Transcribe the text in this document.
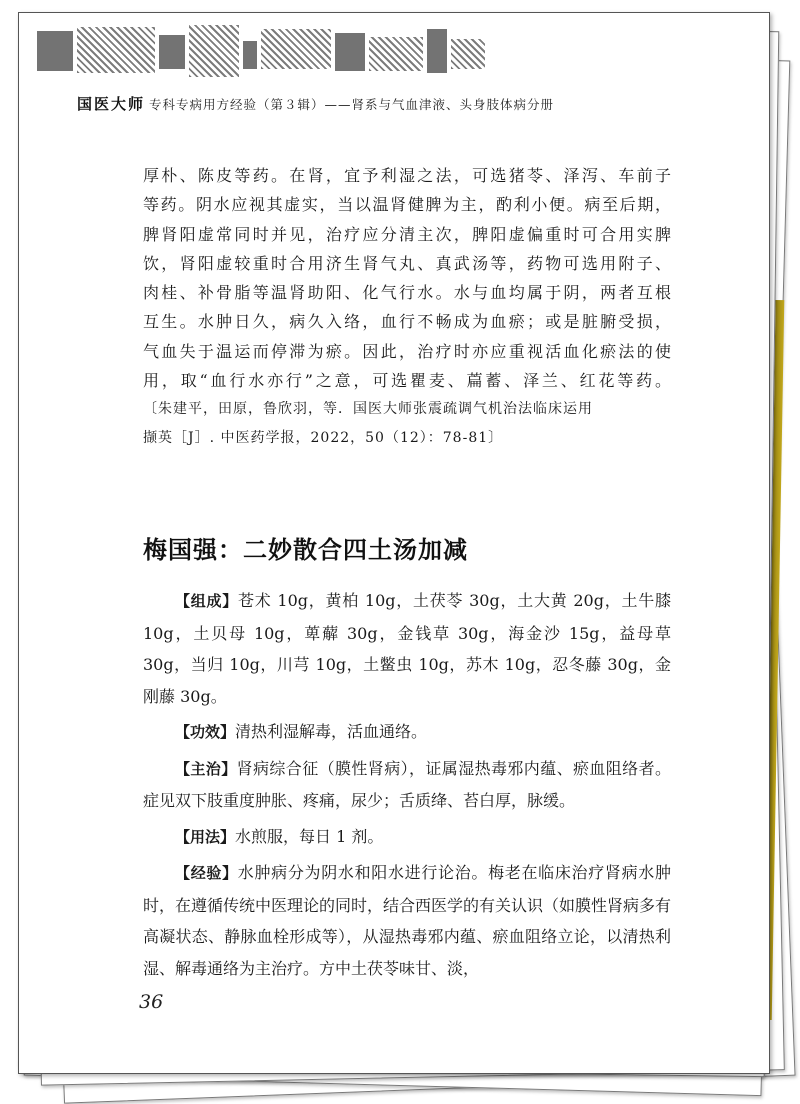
国医大师 专科专病用方经验（第３辑）——肾系与气血津液、头身肢体病分册

厚朴、陈皮等药。在肾，宜予利湿之法，可选猪苓、泽泻、车前子

等药。阴水应视其虚实，当以温肾健脾为主，酌利小便。病至后期，

脾肾阳虚常同时并见，治疗应分清主次，脾阳虚偏重时可合用实脾

饮，肾阳虚较重时合用济生肾气丸、真武汤等，药物可选用附子、

肉桂、补骨脂等温肾助阳、化气行水。水与血均属于阴，两者互根

互生。水肿日久，病久入络，血行不畅成为血瘀；或是脏腑受损，

气血失于温运而停滞为瘀。因此，治疗时亦应重视活血化瘀法的使

用，取“血行水亦行”之意，可选瞿麦、萹蓄、泽兰、红花等药。

〔朱建平，田原，鲁欣羽，等．国医大师张震疏调气机治法临床运用

撷英［J］. 中医药学报，2022，50（12）：78-81〕

梅国强：二妙散合四土汤加减

【组成】苍术 10g，黄柏 10g，土茯苓 30g，土大黄 20g，土牛膝 10g，土贝母 10g，萆薢 30g，金钱草 30g，海金沙 15g，益母草 30g，当归 10g，川芎 10g，土鳖虫 10g，苏木 10g，忍冬藤 30g，金刚藤 30g。

【功效】清热利湿解毒，活血通络。

【主治】肾病综合征（膜性肾病），证属湿热毒邪内蕴、瘀血阻络者。症见双下肢重度肿胀、疼痛，尿少；舌质绛、苔白厚，脉缓。

【用法】水煎服，每日 1 剂。

【经验】水肿病分为阴水和阳水进行论治。梅老在临床治疗肾病水肿时，在遵循传统中医理论的同时，结合西医学的有关认识（如膜性肾病多有高凝状态、静脉血栓形成等），从湿热毒邪内蕴、瘀血阻络立论，以清热利湿、解毒通络为主治疗。方中土茯苓味甘、淡，

36
